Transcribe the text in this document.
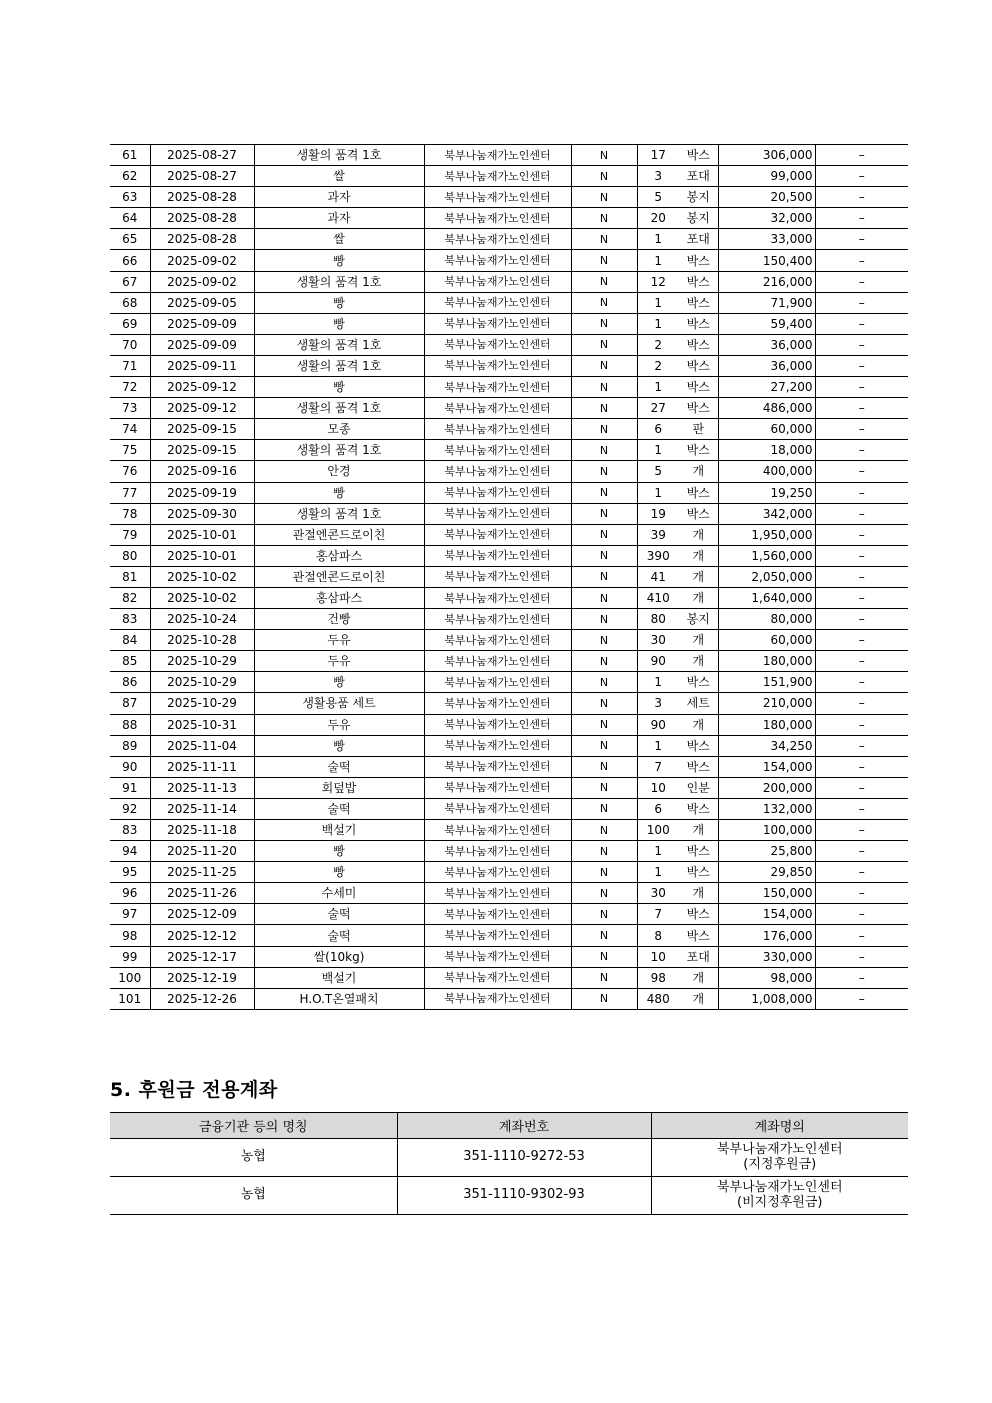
61	2025-08-27	생활의 품격 1호	북부나눔재가노인센터	N	17	박스	306,000	–
62	2025-08-27	쌀	북부나눔재가노인센터	N	3	포대	99,000	–
63	2025-08-28	과자	북부나눔재가노인센터	N	5	봉지	20,500	–
64	2025-08-28	과자	북부나눔재가노인센터	N	20	봉지	32,000	–
65	2025-08-28	쌀	북부나눔재가노인센터	N	1	포대	33,000	–
66	2025-09-02	빵	북부나눔재가노인센터	N	1	박스	150,400	–
67	2025-09-02	생활의 품격 1호	북부나눔재가노인센터	N	12	박스	216,000	–
68	2025-09-05	빵	북부나눔재가노인센터	N	1	박스	71,900	–
69	2025-09-09	빵	북부나눔재가노인센터	N	1	박스	59,400	–
70	2025-09-09	생활의 품격 1호	북부나눔재가노인센터	N	2	박스	36,000	–
71	2025-09-11	생활의 품격 1호	북부나눔재가노인센터	N	2	박스	36,000	–
72	2025-09-12	빵	북부나눔재가노인센터	N	1	박스	27,200	–
73	2025-09-12	생활의 품격 1호	북부나눔재가노인센터	N	27	박스	486,000	–
74	2025-09-15	모종	북부나눔재가노인센터	N	6	판	60,000	–
75	2025-09-15	생활의 품격 1호	북부나눔재가노인센터	N	1	박스	18,000	–
76	2025-09-16	안경	북부나눔재가노인센터	N	5	개	400,000	–
77	2025-09-19	빵	북부나눔재가노인센터	N	1	박스	19,250	–
78	2025-09-30	생활의 품격 1호	북부나눔재가노인센터	N	19	박스	342,000	–
79	2025-10-01	관절엔콘드로이친	북부나눔재가노인센터	N	39	개	1,950,000	–
80	2025-10-01	홍삼파스	북부나눔재가노인센터	N	390	개	1,560,000	–
81	2025-10-02	관절엔콘드로이친	북부나눔재가노인센터	N	41	개	2,050,000	–
82	2025-10-02	홍삼파스	북부나눔재가노인센터	N	410	개	1,640,000	–
83	2025-10-24	건빵	북부나눔재가노인센터	N	80	봉지	80,000	–
84	2025-10-28	두유	북부나눔재가노인센터	N	30	개	60,000	–
85	2025-10-29	두유	북부나눔재가노인센터	N	90	개	180,000	–
86	2025-10-29	빵	북부나눔재가노인센터	N	1	박스	151,900	–
87	2025-10-29	생활용품 세트	북부나눔재가노인센터	N	3	세트	210,000	–
88	2025-10-31	두유	북부나눔재가노인센터	N	90	개	180,000	–
89	2025-11-04	빵	북부나눔재가노인센터	N	1	박스	34,250	–
90	2025-11-11	술떡	북부나눔재가노인센터	N	7	박스	154,000	–
91	2025-11-13	회덮밥	북부나눔재가노인센터	N	10	인분	200,000	–
92	2025-11-14	술떡	북부나눔재가노인센터	N	6	박스	132,000	–
83	2025-11-18	백설기	북부나눔재가노인센터	N	100	개	100,000	–
94	2025-11-20	빵	북부나눔재가노인센터	N	1	박스	25,800	–
95	2025-11-25	빵	북부나눔재가노인센터	N	1	박스	29,850	–
96	2025-11-26	수세미	북부나눔재가노인센터	N	30	개	150,000	–
97	2025-12-09	술떡	북부나눔재가노인센터	N	7	박스	154,000	–
98	2025-12-12	술떡	북부나눔재가노인센터	N	8	박스	176,000	–
99	2025-12-17	쌀(10kg)	북부나눔재가노인센터	N	10	포대	330,000	–
100	2025-12-19	백설기	북부나눔재가노인센터	N	98	개	98,000	–
101	2025-12-26	H.O.T온열패치	북부나눔재가노인센터	N	480	개	1,008,000	–
5. 후원금 전용계좌
금융기관 등의 명칭	계좌번호	계좌명의
농협	351-1110-9272-53	북부나눔재가노인센터
(지정후원금)

농협	351-1110-9302-93	북부나눔재가노인센터
(비지정후원금)
